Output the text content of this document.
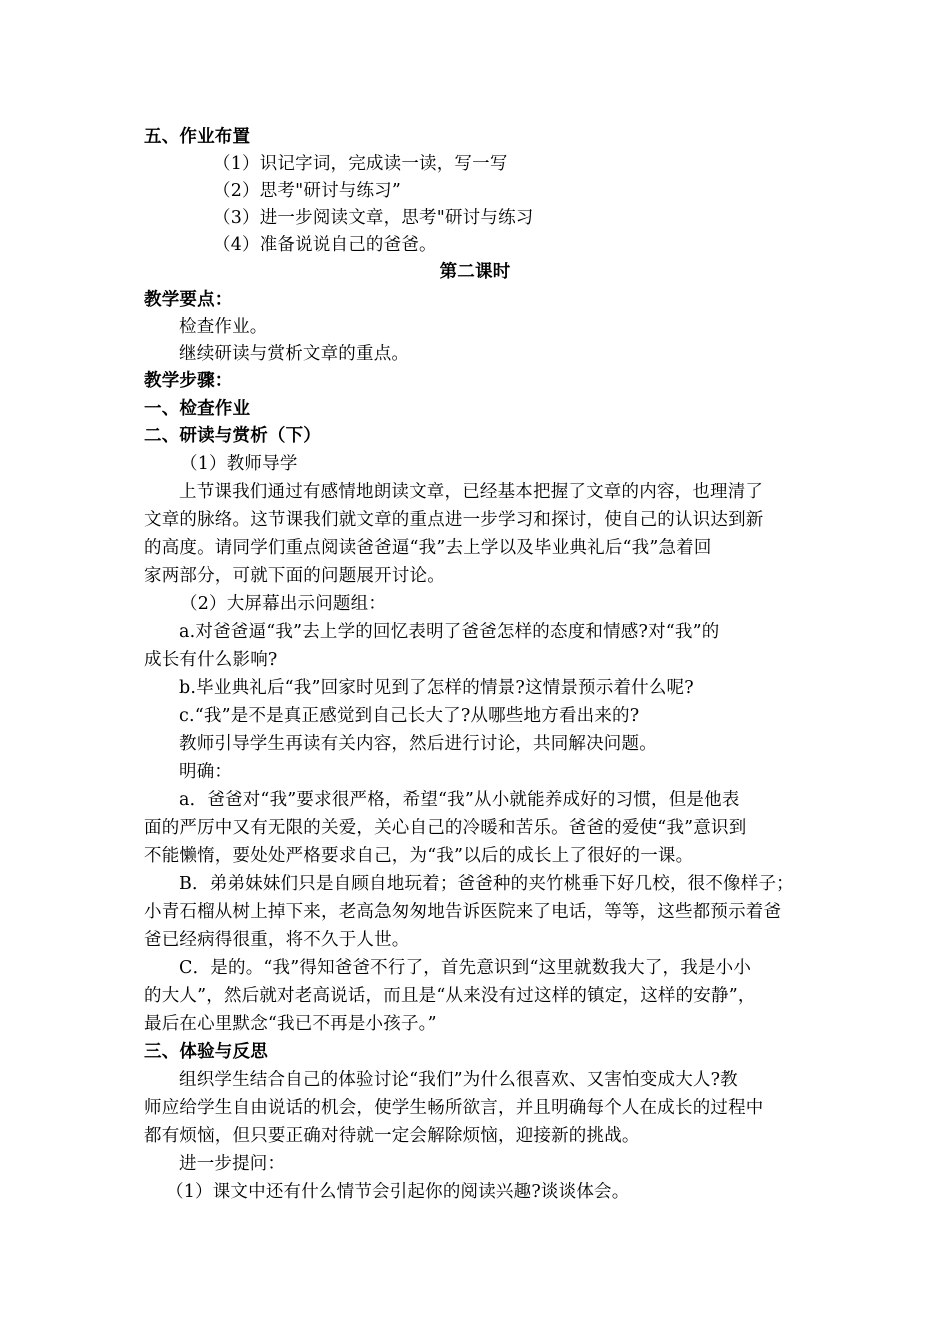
五、作业布置
（1）识记字词，完成读一读，写一写
（2）思考"研讨与练习”
（3）进一步阅读文章，思考"研讨与练习
（4）准备说说自己的爸爸。
第二课时
教学要点：
检查作业。
继续研读与赏析文章的重点。
教学步骤：
一、检查作业
二、研读与赏析（下）
（1）教师导学
上节课我们通过有感情地朗读文章，已经基本把握了文章的内容，也理清了
文章的脉络。这节课我们就文章的重点进一步学习和探讨，使自己的认识达到新
的高度。请同学们重点阅读爸爸逼“我”去上学以及毕业典礼后“我”急着回
家两部分，可就下面的问题展开讨论。
（2）大屏幕出示问题组：
a.对爸爸逼“我”去上学的回忆表明了爸爸怎样的态度和情感?对“我”的
成长有什么影响?
b.毕业典礼后“我”回家时见到了怎样的情景?这情景预示着什么呢?
c.“我”是不是真正感觉到自己长大了?从哪些地方看出来的?
教师引导学生再读有关内容，然后进行讨论，共同解决问题。
明确：
a．爸爸对“我”要求很严格，希望“我”从小就能养成好的习惯，但是他表
面的严厉中又有无限的关爱，关心自己的冷暖和苦乐。爸爸的爱使“我”意识到
不能懒惰，要处处严格要求自己，为“我”以后的成长上了很好的一课。
B．弟弟妹妹们只是自顾自地玩着；爸爸种的夹竹桃垂下好几校，很不像样子；
小青石榴从树上掉下来，老高急匆匆地告诉医院来了电话，等等，这些都预示着爸
爸已经病得很重，将不久于人世。
C．是的。“我”得知爸爸不行了，首先意识到“这里就数我大了，我是小小
的大人”，然后就对老高说话，而且是“从来没有过这样的镇定，这样的安静”，
最后在心里默念“我已不再是小孩子。”
三、体验与反思
组织学生结合自己的体验讨论“我们”为什么很喜欢、又害怕变成大人?教
师应给学生自由说话的机会，使学生畅所欲言，并且明确每个人在成长的过程中
都有烦恼，但只要正确对待就一定会解除烦恼，迎接新的挑战。
进一步提问：
（1）课文中还有什么情节会引起你的阅读兴趣?谈谈体会。
